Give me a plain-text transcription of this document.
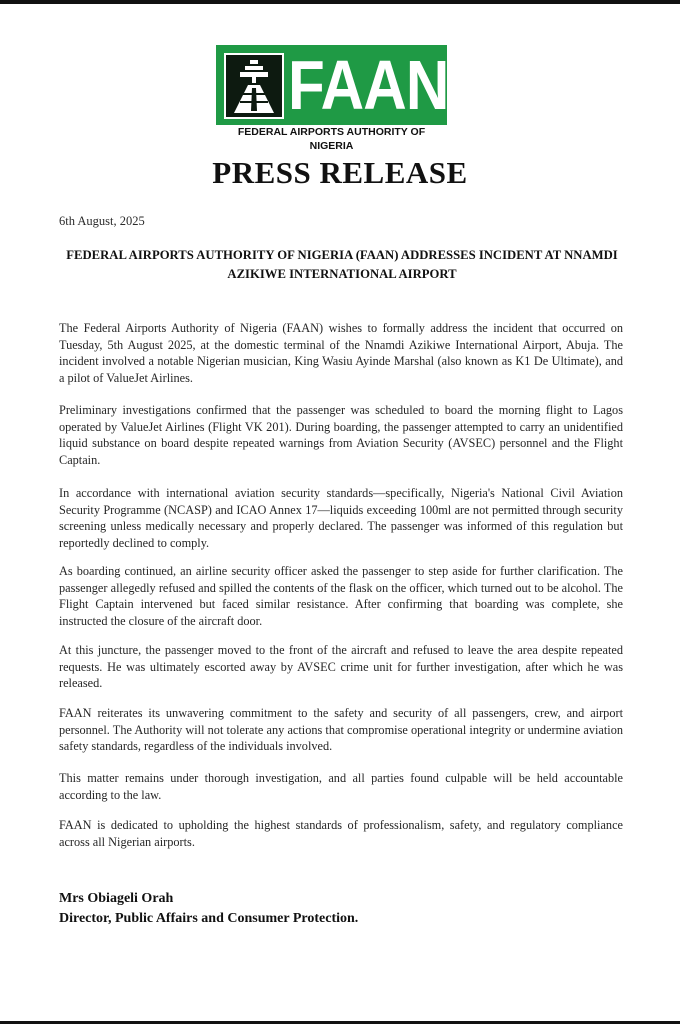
FAAN
FEDERAL AIRPORTS AUTHORITY OF NIGERIA
PRESS RELEASE
6th August, 2025
FEDERAL AIRPORTS AUTHORITY OF NIGERIA (FAAN) ADDRESSES INCIDENT AT NNAMDI AZIKIWE INTERNATIONAL AIRPORT

The Federal Airports Authority of Nigeria (FAAN) wishes to formally address the incident that occurred on Tuesday, 5th August 2025, at the domestic terminal of the Nnamdi Azikiwe International Airport, Abuja. The incident involved a notable Nigerian musician, King Wasiu Ayinde Marshal (also known as K1 De Ultimate), and a pilot of ValueJet Airlines.

Preliminary investigations confirmed that the passenger was scheduled to board the morning flight to Lagos operated by ValueJet Airlines (Flight VK 201). During boarding, the passenger attempted to carry an unidentified liquid substance on board despite repeated warnings from Aviation Security (AVSEC) personnel and the Flight Captain.

In accordance with international aviation security standards—specifically, Nigeria's National Civil Aviation Security Programme (NCASP) and ICAO Annex 17—liquids exceeding 100ml are not permitted through security screening unless medically necessary and properly declared. The passenger was informed of this regulation but reportedly declined to comply.

As boarding continued, an airline security officer asked the passenger to step aside for further clarification. The passenger allegedly refused and spilled the contents of the flask on the officer, which turned out to be alcohol. The Flight Captain intervened but faced similar resistance. After confirming that boarding was complete, she instructed the closure of the aircraft door.

At this juncture, the passenger moved to the front of the aircraft and refused to leave the area despite repeated requests. He was ultimately escorted away by AVSEC crime unit for further investigation, after which he was released.

FAAN reiterates its unwavering commitment to the safety and security of all passengers, crew, and airport personnel. The Authority will not tolerate any actions that compromise operational integrity or undermine aviation safety standards, regardless of the individuals involved.

This matter remains under thorough investigation, and all parties found culpable will be held accountable according to the law.

FAAN is dedicated to upholding the highest standards of professionalism, safety, and regulatory compliance across all Nigerian airports.

Mrs Obiageli Orah
Director, Public Affairs and Consumer Protection.
